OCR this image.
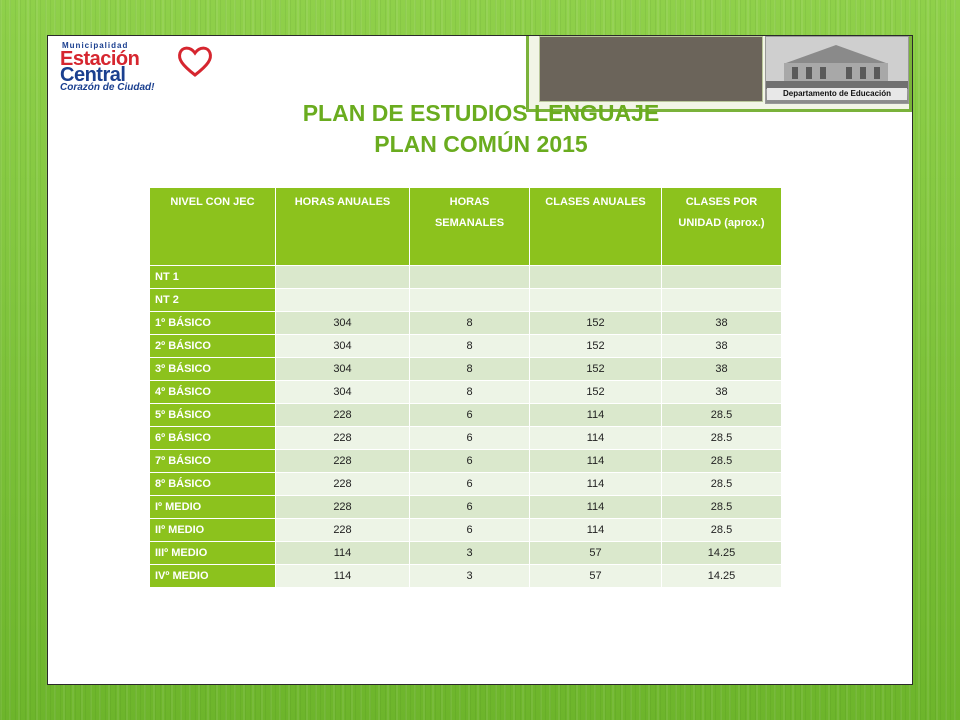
Municipalidad
Estación
Central
Corazón de Ciudad!
Departamento de Educación
PLAN DE ESTUDIOS LENGUAJE
PLAN COMÚN 2015
NIVEL CON JEC	HORAS ANUALES	HORAS SEMANALES	CLASES ANUALES	CLASES POR UNIDAD (aprox.)
NT 1				
NT 2				
1º BÁSICO	304	8	152	38
2º BÁSICO	304	8	152	38
3º BÁSICO	304	8	152	38
4º BÁSICO	304	8	152	38
5º BÁSICO	228	6	114	28.5
6º BÁSICO	228	6	114	28.5
7º BÁSICO	228	6	114	28.5
8º BÁSICO	228	6	114	28.5
Iº MEDIO	228	6	114	28.5
IIº MEDIO	228	6	114	28.5
IIIº MEDIO	114	3	57	14.25
IVº MEDIO	114	3	57	14.25
